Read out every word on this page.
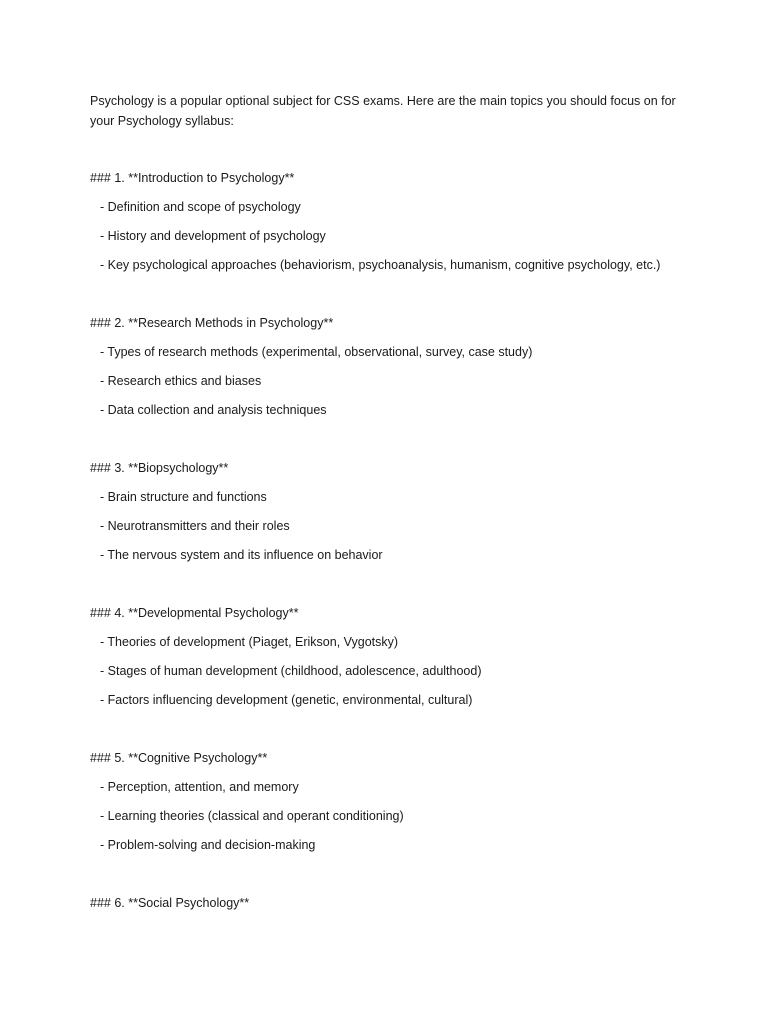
Psychology is a popular optional subject for CSS exams. Here are the main topics you should focus on for your Psychology syllabus:

### 1. **Introduction to Psychology**

- Definition and scope of psychology

- History and development of psychology

- Key psychological approaches (behaviorism, psychoanalysis, humanism, cognitive psychology, etc.)

### 2. **Research Methods in Psychology**

- Types of research methods (experimental, observational, survey, case study)

- Research ethics and biases

- Data collection and analysis techniques

### 3. **Biopsychology**

- Brain structure and functions

- Neurotransmitters and their roles

- The nervous system and its influence on behavior

### 4. **Developmental Psychology**

- Theories of development (Piaget, Erikson, Vygotsky)

- Stages of human development (childhood, adolescence, adulthood)

- Factors influencing development (genetic, environmental, cultural)

### 5. **Cognitive Psychology**

- Perception, attention, and memory

- Learning theories (classical and operant conditioning)

- Problem-solving and decision-making

### 6. **Social Psychology**
